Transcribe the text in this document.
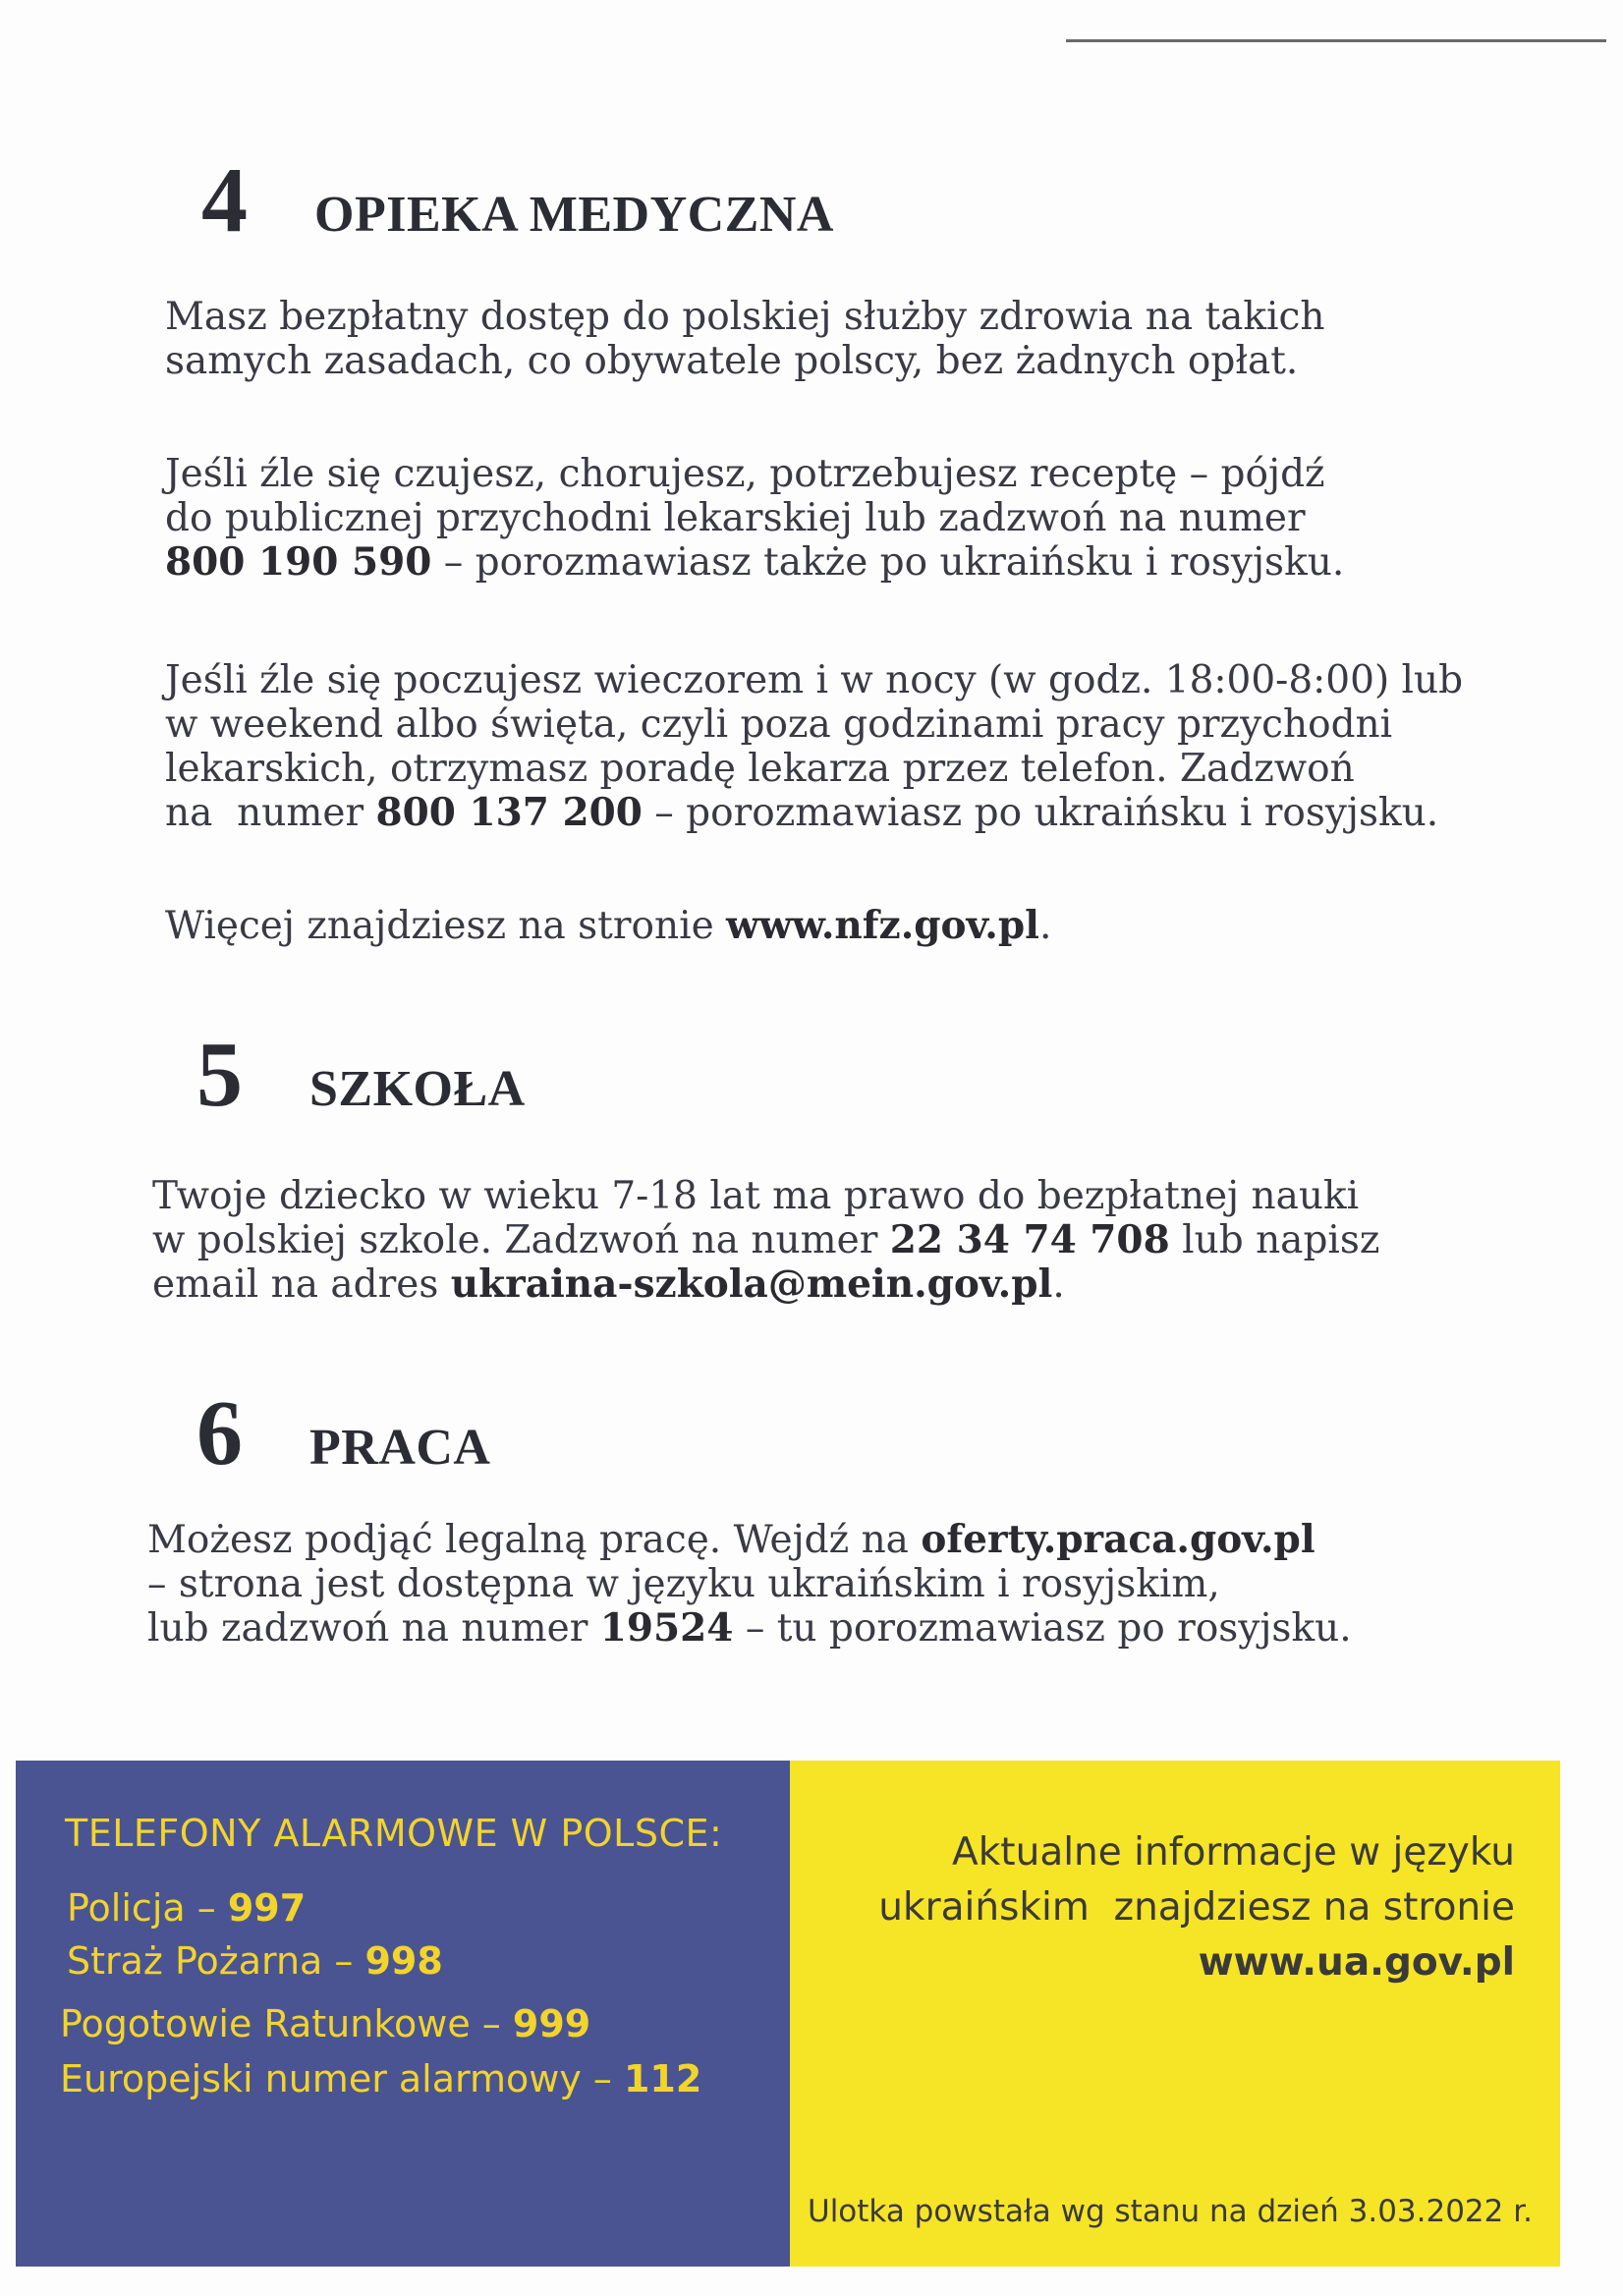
4	OPIEKA MEDYCZNA
Masz bezpłatny dostęp do polskiej służby zdrowia na takich
samych zasadach, co obywatele polscy, bez żadnych opłat.
Jeśli źle się czujesz, chorujesz, potrzebujesz receptę – pójdź
do publicznej przychodni lekarskiej lub zadzwoń na numer
800 190 590 – porozmawiasz także po ukraińsku i rosyjsku.
Jeśli źle się poczujesz wieczorem i w nocy (w godz. 18:00-8:00) lub
w weekend albo święta, czyli poza godzinami pracy przychodni
lekarskich, otrzymasz poradę lekarza przez telefon. Zadzwoń
na  numer 800 137 200 – porozmawiasz po ukraińsku i rosyjsku.
Więcej znajdziesz na stronie www.nfz.gov.pl.
5	SZKOŁA
Twoje dziecko w wieku 7-18 lat ma prawo do bezpłatnej nauki
w polskiej szkole. Zadzwoń na numer 22 34 74 708 lub napisz
email na adres ukraina-szkola@mein.gov.pl.
6	PRACA
Możesz podjąć legalną pracę. Wejdź na oferty.praca.gov.pl
– strona jest dostępna w języku ukraińskim i rosyjskim,
lub zadzwoń na numer 19524 – tu porozmawiasz po rosyjsku.
TELEFONY ALARMOWE W POLSCE:
Policja – 997
Straż Pożarna – 998
Pogotowie Ratunkowe – 999
Europejski numer alarmowy – 112
Aktualne informacje w języku
ukraińskim  znajdziesz na stronie
www.ua.gov.pl
Ulotka powstała wg stanu na dzień 3.03.2022 r.
